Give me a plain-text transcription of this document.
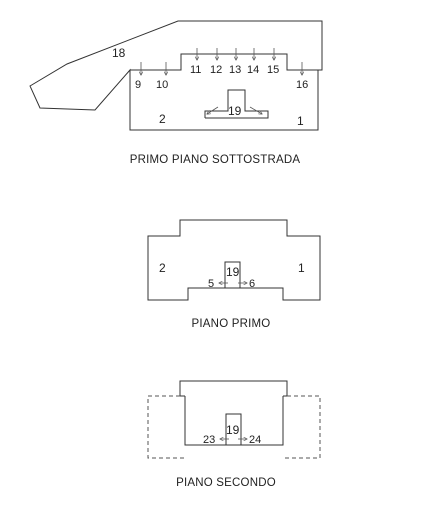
18
11 12 13 14 15
9 10	16
2	1
19
PRIMO PIANO SOTTOSTRADA
2	1
19
5	6
PIANO PRIMO
19
23	24
PIANO SECONDO
